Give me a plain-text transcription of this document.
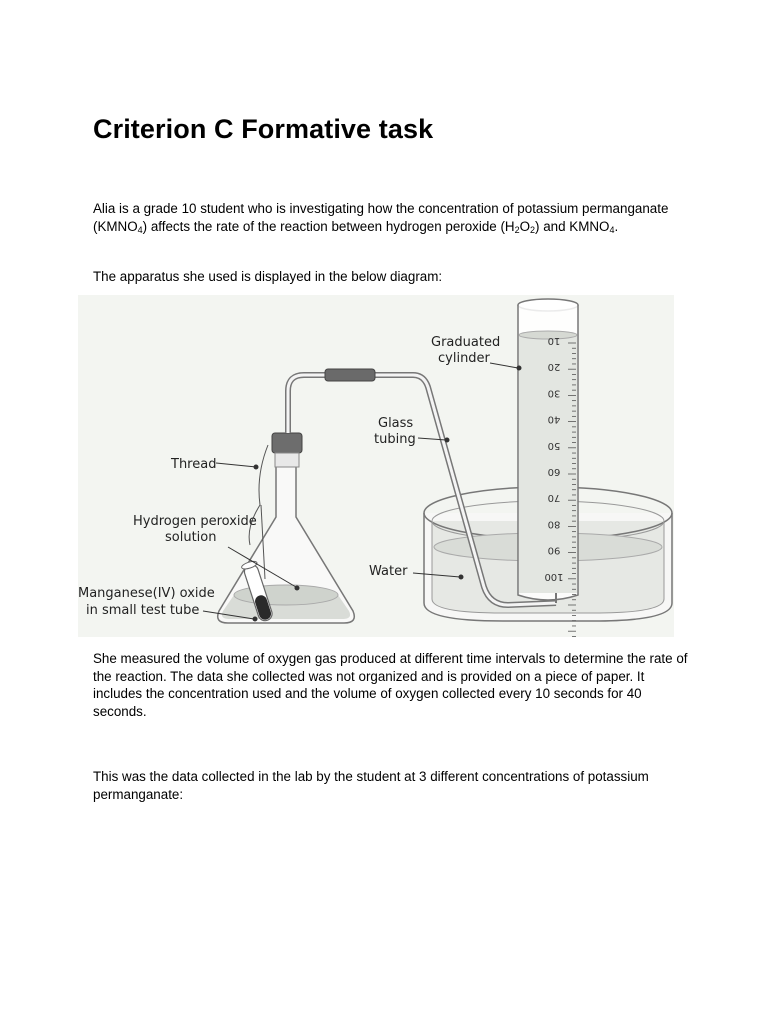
Criterion C Formative task

Alia is a grade 10 student who is investigating how the concentration of potassium permanganate $(KMNO_4)$ affects the rate of the reaction between hydrogen peroxide $(H_2O_2)$ and $KMNO_4$.

The apparatus she used is displayed in the below diagram:

10
20
30
40
50
60
70
80
90
100
Graduated
cylinder
Glass
tubing
Thread
Hydrogen peroxide
solution
Water
Manganese(IV) oxide
in small test tube

She measured the volume of oxygen gas produced at different time intervals to determine the rate of the reaction. The data she collected was not organized and is provided on a piece of paper. It includes the concentration used and the volume of oxygen collected every 10 seconds for 40 seconds.

This was the data collected in the lab by the student at 3 different concentrations of potassium permanganate:
